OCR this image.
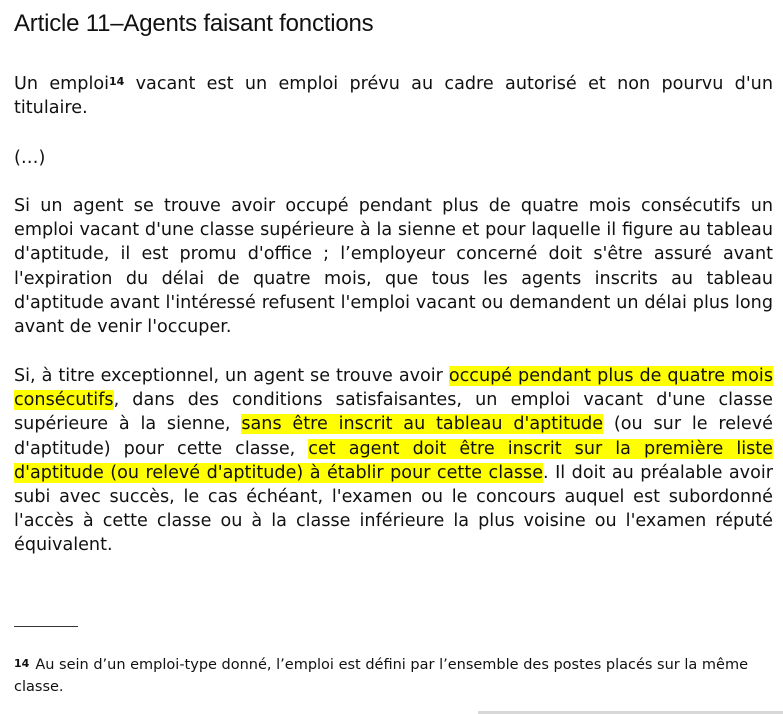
Article 11–Agents faisant fonctions

Un emploi$^{14}$ vacant est un emploi prévu au cadre autorisé et non pourvu d'un titulaire.

(…)

Si un agent se trouve avoir occupé pendant plus de quatre mois consécutifs un emploi vacant d'une classe supérieure à la sienne et pour laquelle il figure au tableau d'aptitude, il est promu d'office ; l’employeur concerné doit s'être assuré avant l'expiration du délai de quatre mois, que tous les agents inscrits au tableau d'aptitude avant l'intéressé refusent l'emploi vacant ou demandent un délai plus long avant de venir l'occuper.

Si, à titre exceptionnel, un agent se trouve avoir occupé pendant plus de quatre mois consécutifs, dans des conditions satisfaisantes, un emploi vacant d'une classe supérieure à la sienne, sans être inscrit au tableau d'aptitude (ou sur le relevé d'aptitude) pour cette classe, cet agent doit être inscrit sur la première liste d'aptitude (ou relevé d'aptitude) à établir pour cette classe. Il doit au préalable avoir subi avec succès, le cas échéant, l'examen ou le concours auquel est subordonné l'accès à cette classe ou à la classe inférieure la plus voisine ou l'examen réputé équivalent.

$^{14}$ Au sein d’un emploi-type donné, l’emploi est défini par l’ensemble des postes placés sur la même classe.
